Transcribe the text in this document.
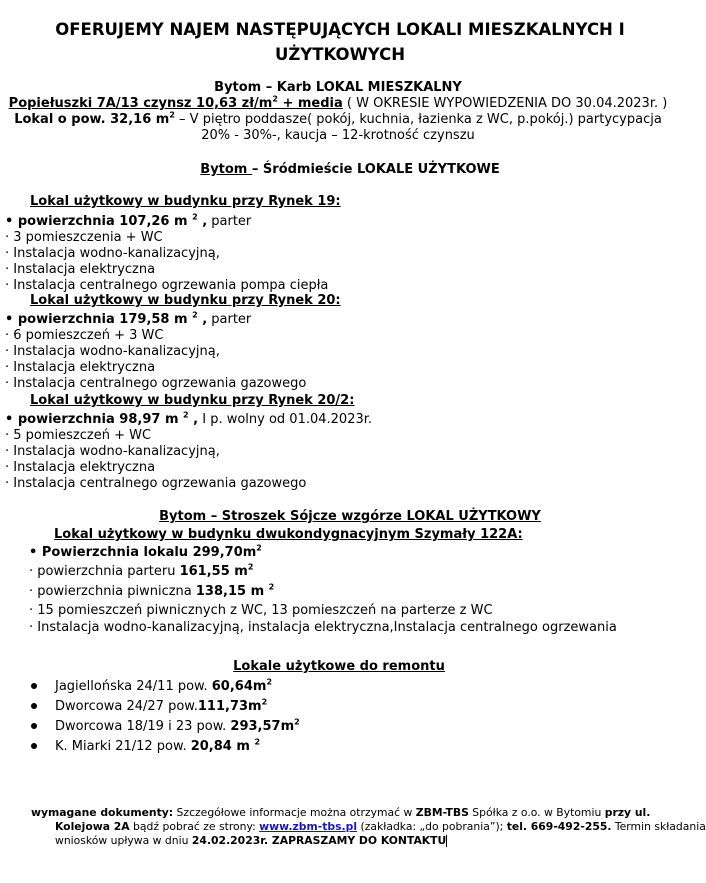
OFERUJEMY NAJEM NASTĘPUJĄCYCH LOKALI MIESZKALNYCH I
UŻYTKOWYCH
Bytom – Karb LOKAL MIESZKALNY
Popiełuszki 7A/13 czynsz 10,63 $zł/m^2$ + media ( W OKRESIE WYPOWIEDZENIA DO 30.04.2023r. )
Lokal o pow. 32,16 $m^2$ – V piętro poddasze( pokój, kuchnia, łazienka z WC, p.pokój.) partycypacja
20% - 30%-, kaucja – 12-krotność czynszu
Bytom – Śródmieście LOKALE UŻYTKOWE
Lokal użytkowy w budynku przy Rynek 19:
• powierzchnia 107,26 m $^2$ , parter
· 3 pomieszczenia + WC
· Instalacja wodno-kanalizacyjną,
· Instalacja elektryczna
· Instalacja centralnego ogrzewania pompa ciepła
Lokal użytkowy w budynku przy Rynek 20:
• powierzchnia 179,58 m $^2$ , parter
· 6 pomieszczeń + 3 WC
· Instalacja wodno-kanalizacyjną,
· Instalacja elektryczna
· Instalacja centralnego ogrzewania gazowego
Lokal użytkowy w budynku przy Rynek 20/2:
• powierzchnia 98,97 m $^2$ , I p. wolny od 01.04.2023r.
· 5 pomieszczeń + WC
· Instalacja wodno-kanalizacyjną,
· Instalacja elektryczna
· Instalacja centralnego ogrzewania gazowego
Bytom – Stroszek Sójcze wzgórze LOKAL UŻYTKOWY
Lokal użytkowy w budynku dwukondygnacyjnym Szymały 122A:
• Powierzchnia lokalu $299,70m^2$
· powierzchnia parteru 161,55 $m^2$
· powierzchnia piwniczna 138,15 m $^2$
· 15 pomieszczeń piwnicznych z WC, 13 pomieszczeń na parterze z WC
· Instalacja wodno-kanalizacyjną, instalacja elektryczna,Instalacja centralnego ogrzewania
Lokale użytkowe do remontu
Jagiellońska 24/11 pow. $60,64m^2$
Dworcowa 24/27 $pow.111,73m^2$
Dworcowa 18/19 i 23 pow. $293,57m^2$
K. Miarki 21/12 pow. 20,84 m $^2$
wymagane dokumenty: Szczegółowe informacje można otrzymać w ZBM-TBS Spółka z o.o. w Bytomiu przy ul.
Kolejowa 2A bądź pobrać ze strony: www.zbm-tbs.pl (zakładka: „do pobrania”); tel. 669-492-255. Termin składania
wniosków upływa w dniu 24.02.2023r. ZAPRASZAMY DO KONTAKTU
